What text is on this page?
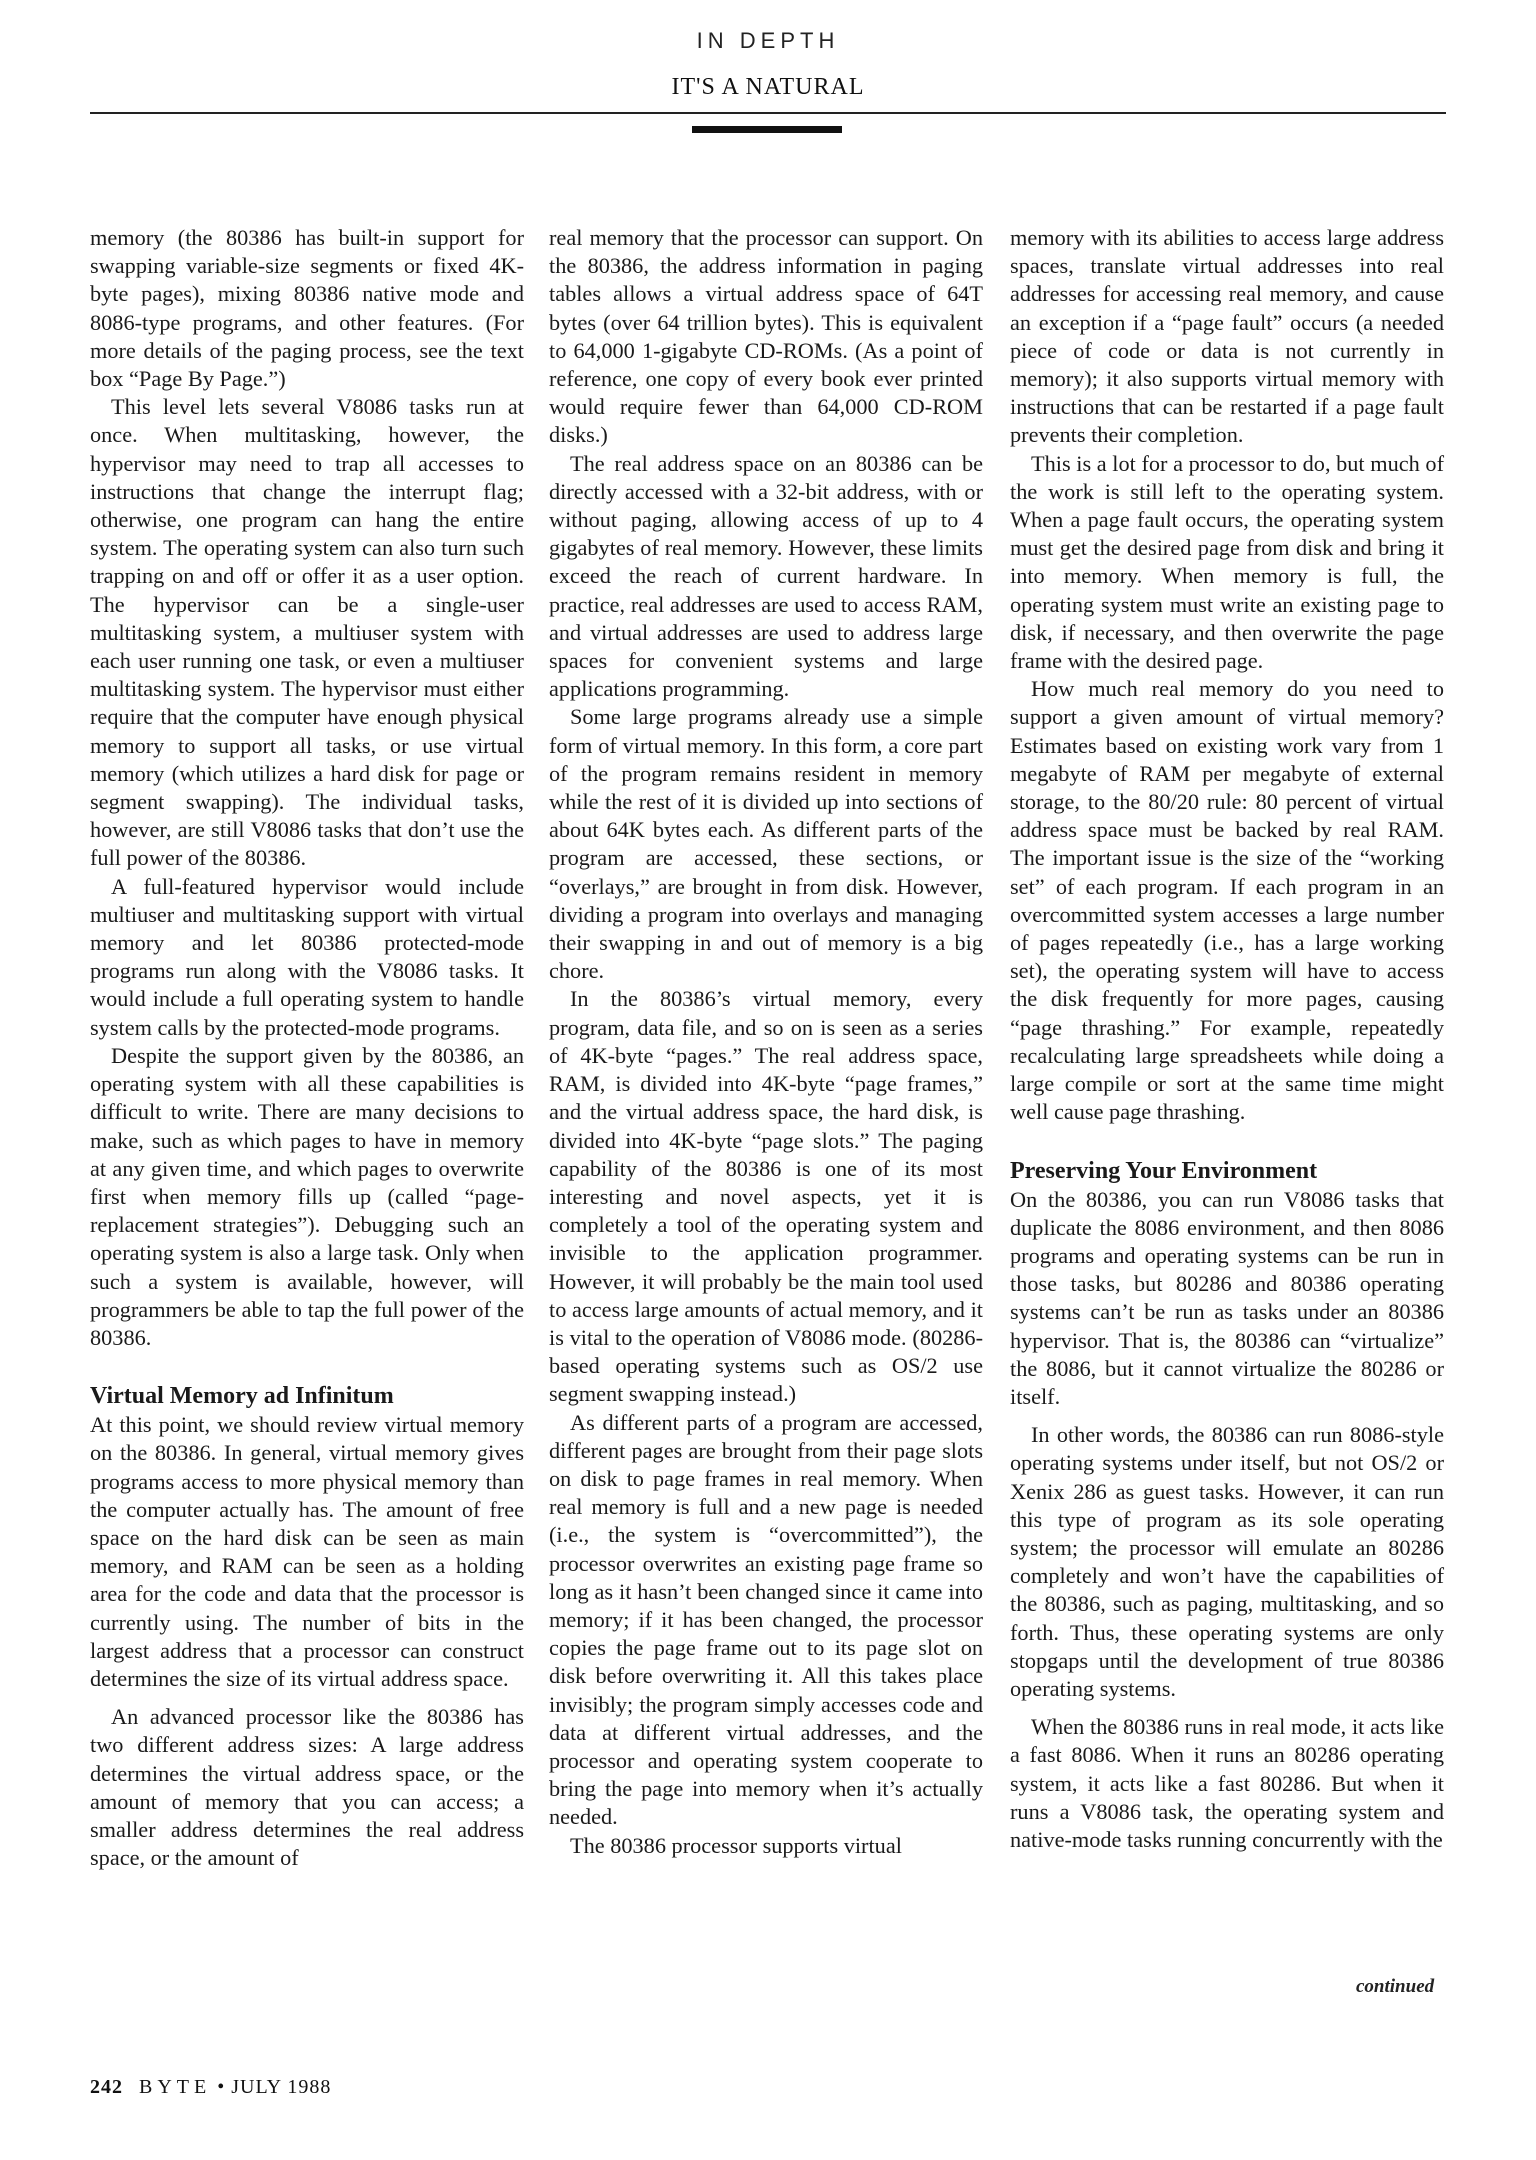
IN DEPTH
IT'S A NATURAL

memory (the 80386 has built-in support for swapping variable-size segments or fixed 4K-byte pages), mixing 80386 native mode and 8086-type programs, and other features. (For more details of the paging process, see the text box “Page By Page.”)

This level lets several V8086 tasks run at once. When multitasking, however, the hypervisor may need to trap all accesses to instructions that change the interrupt flag; otherwise, one program can hang the entire system. The operating system can also turn such trapping on and off or offer it as a user option. The hypervisor can be a single-user multitasking system, a multiuser system with each user running one task, or even a multiuser multitasking system. The hypervisor must either require that the computer have enough physical memory to support all tasks, or use virtual memory (which utilizes a hard disk for page or segment swapping). The individual tasks, however, are still V8086 tasks that don’t use the full power of the 80386.

A full-featured hypervisor would include multiuser and multitasking support with virtual memory and let 80386 protected-mode programs run along with the V8086 tasks. It would include a full operating system to handle system calls by the protected-mode programs.

Despite the support given by the 80386, an operating system with all these capabilities is difficult to write. There are many decisions to make, such as which pages to have in memory at any given time, and which pages to overwrite first when memory fills up (called “page-replacement strategies”). Debugging such an operating system is also a large task. Only when such a system is available, however, will programmers be able to tap the full power of the 80386.

Virtual Memory ad Infinitum

At this point, we should review virtual memory on the 80386. In general, virtual memory gives programs access to more physical memory than the computer actually has. The amount of free space on the hard disk can be seen as main memory, and RAM can be seen as a holding area for the code and data that the processor is currently using. The number of bits in the largest address that a processor can construct determines the size of its virtual address space.

An advanced processor like the 80386 has two different address sizes: A large address determines the virtual address space, or the amount of memory that you can access; a smaller address determines the real address space, or the amount of

real memory that the processor can support. On the 80386, the address information in paging tables allows a virtual address space of 64T bytes (over 64 trillion bytes). This is equivalent to 64,000 1-gigabyte CD-ROMs. (As a point of reference, one copy of every book ever printed would require fewer than 64,000 CD-ROM disks.)

The real address space on an 80386 can be directly accessed with a 32-bit address, with or without paging, allowing access of up to 4 gigabytes of real memory. However, these limits exceed the reach of current hardware. In practice, real addresses are used to access RAM, and virtual addresses are used to address large spaces for convenient systems and large applications programming.

Some large programs already use a simple form of virtual memory. In this form, a core part of the program remains resident in memory while the rest of it is divided up into sections of about 64K bytes each. As different parts of the program are accessed, these sections, or “overlays,” are brought in from disk. However, dividing a program into overlays and managing their swapping in and out of memory is a big chore.

In the 80386’s virtual memory, every program, data file, and so on is seen as a series of 4K-byte “pages.” The real address space, RAM, is divided into 4K-byte “page frames,” and the virtual address space, the hard disk, is divided into 4K-byte “page slots.” The paging capability of the 80386 is one of its most interesting and novel aspects, yet it is completely a tool of the operating system and invisible to the application programmer. However, it will probably be the main tool used to access large amounts of actual memory, and it is vital to the operation of V8086 mode. (80286-based operating systems such as OS/2 use segment swapping instead.)

As different parts of a program are accessed, different pages are brought from their page slots on disk to page frames in real memory. When real memory is full and a new page is needed (i.e., the system is “overcommitted”), the processor overwrites an existing page frame so long as it hasn’t been changed since it came into memory; if it has been changed, the processor copies the page frame out to its page slot on disk before overwriting it. All this takes place invisibly; the program simply accesses code and data at different virtual addresses, and the processor and operating system cooperate to bring the page into memory when it’s actually needed.

The 80386 processor supports virtual

memory with its abilities to access large address spaces, translate virtual addresses into real addresses for accessing real memory, and cause an exception if a “page fault” occurs (a needed piece of code or data is not currently in memory); it also supports virtual memory with instructions that can be restarted if a page fault prevents their completion.

This is a lot for a processor to do, but much of the work is still left to the operating system. When a page fault occurs, the operating system must get the desired page from disk and bring it into memory. When memory is full, the operating system must write an existing page to disk, if necessary, and then overwrite the page frame with the desired page.

How much real memory do you need to support a given amount of virtual memory? Estimates based on existing work vary from 1 megabyte of RAM per megabyte of external storage, to the 80/20 rule: 80 percent of virtual address space must be backed by real RAM. The important issue is the size of the “working set” of each program. If each program in an overcommitted system accesses a large number of pages repeatedly (i.e., has a large working set), the operating system will have to access the disk frequently for more pages, causing “page thrashing.” For example, repeatedly recalculating large spreadsheets while doing a large compile or sort at the same time might well cause page thrashing.

Preserving Your Environment

On the 80386, you can run V8086 tasks that duplicate the 8086 environment, and then 8086 programs and operating systems can be run in those tasks, but 80286 and 80386 operating systems can’t be run as tasks under an 80386 hypervisor. That is, the 80386 can “virtualize” the 8086, but it cannot virtualize the 80286 or itself.

In other words, the 80386 can run 8086-style operating systems under itself, but not OS/2 or Xenix 286 as guest tasks. However, it can run this type of program as its sole operating system; the processor will emulate an 80286 completely and won’t have the capabilities of the 80386, such as paging, multitasking, and so forth. Thus, these operating systems are only stopgaps until the development of true 80386 operating systems.

When the 80386 runs in real mode, it acts like a fast 8086. When it runs an 80286 operating system, it acts like a fast 80286. But when it runs a V8086 task, the operating system and native-mode tasks running concurrently with the

continued
242 BYTE • JULY 1988
